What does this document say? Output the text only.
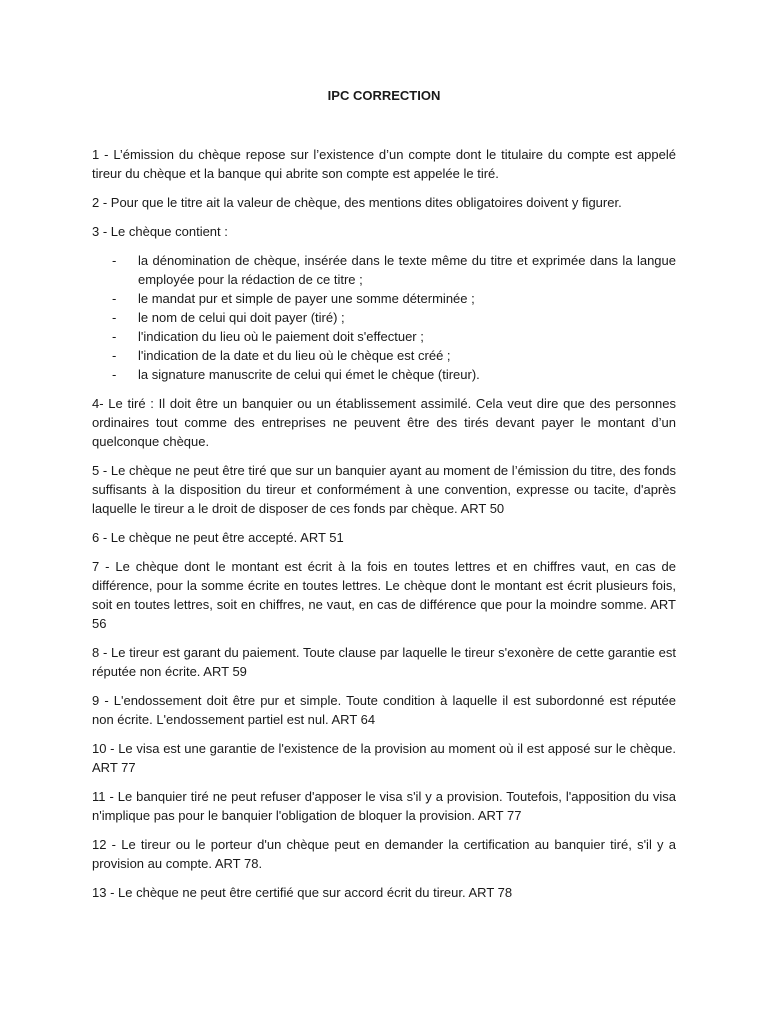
IPC CORRECTION

1 - L’émission du chèque repose sur l’existence d’un compte dont le titulaire du compte est appelé tireur du chèque et la banque qui abrite son compte est appelée le tiré.

2 - Pour que le titre ait la valeur de chèque, des mentions dites obligatoires doivent y figurer.

3 - Le chèque contient :

- la dénomination de chèque, insérée dans le texte même du titre et exprimée dans la langue employée pour la rédaction de ce titre ;
- le mandat pur et simple de payer une somme déterminée ;
- le nom de celui qui doit payer (tiré) ;
- l'indication du lieu où le paiement doit s'effectuer ;
- l'indication de la date et du lieu où le chèque est créé ;
- la signature manuscrite de celui qui émet le chèque (tireur).

4- Le tiré : Il doit être un banquier ou un établissement assimilé. Cela veut dire que des personnes ordinaires tout comme des entreprises ne peuvent être des tirés devant payer le montant d’un quelconque chèque.

5 - Le chèque ne peut être tiré que sur un banquier ayant au moment de l’émission du titre, des fonds suffisants à la disposition du tireur et conformément à une convention, expresse ou tacite, d'après laquelle le tireur a le droit de disposer de ces fonds par chèque. ART 50

6 - Le chèque ne peut être accepté. ART 51

7 - Le chèque dont le montant est écrit à la fois en toutes lettres et en chiffres vaut, en cas de différence, pour la somme écrite en toutes lettres. Le chèque dont le montant est écrit plusieurs fois, soit en toutes lettres, soit en chiffres, ne vaut, en cas de différence que pour la moindre somme. ART 56

8 - Le tireur est garant du paiement. Toute clause par laquelle le tireur s'exonère de cette garantie est réputée non écrite. ART 59

9 - L'endossement doit être pur et simple. Toute condition à laquelle il est subordonné est réputée non écrite. L'endossement partiel est nul. ART 64

10 - Le visa est une garantie de l'existence de la provision au moment où il est apposé sur le chèque. ART 77

11 - Le banquier tiré ne peut refuser d'apposer le visa s'il y a provision. Toutefois, l'apposition du visa n'implique pas pour le banquier l'obligation de bloquer la provision. ART 77

12 - Le tireur ou le porteur d'un chèque peut en demander la certification au banquier tiré, s'il y a provision au compte. ART 78.

13 - Le chèque ne peut être certifié que sur accord écrit du tireur. ART 78
